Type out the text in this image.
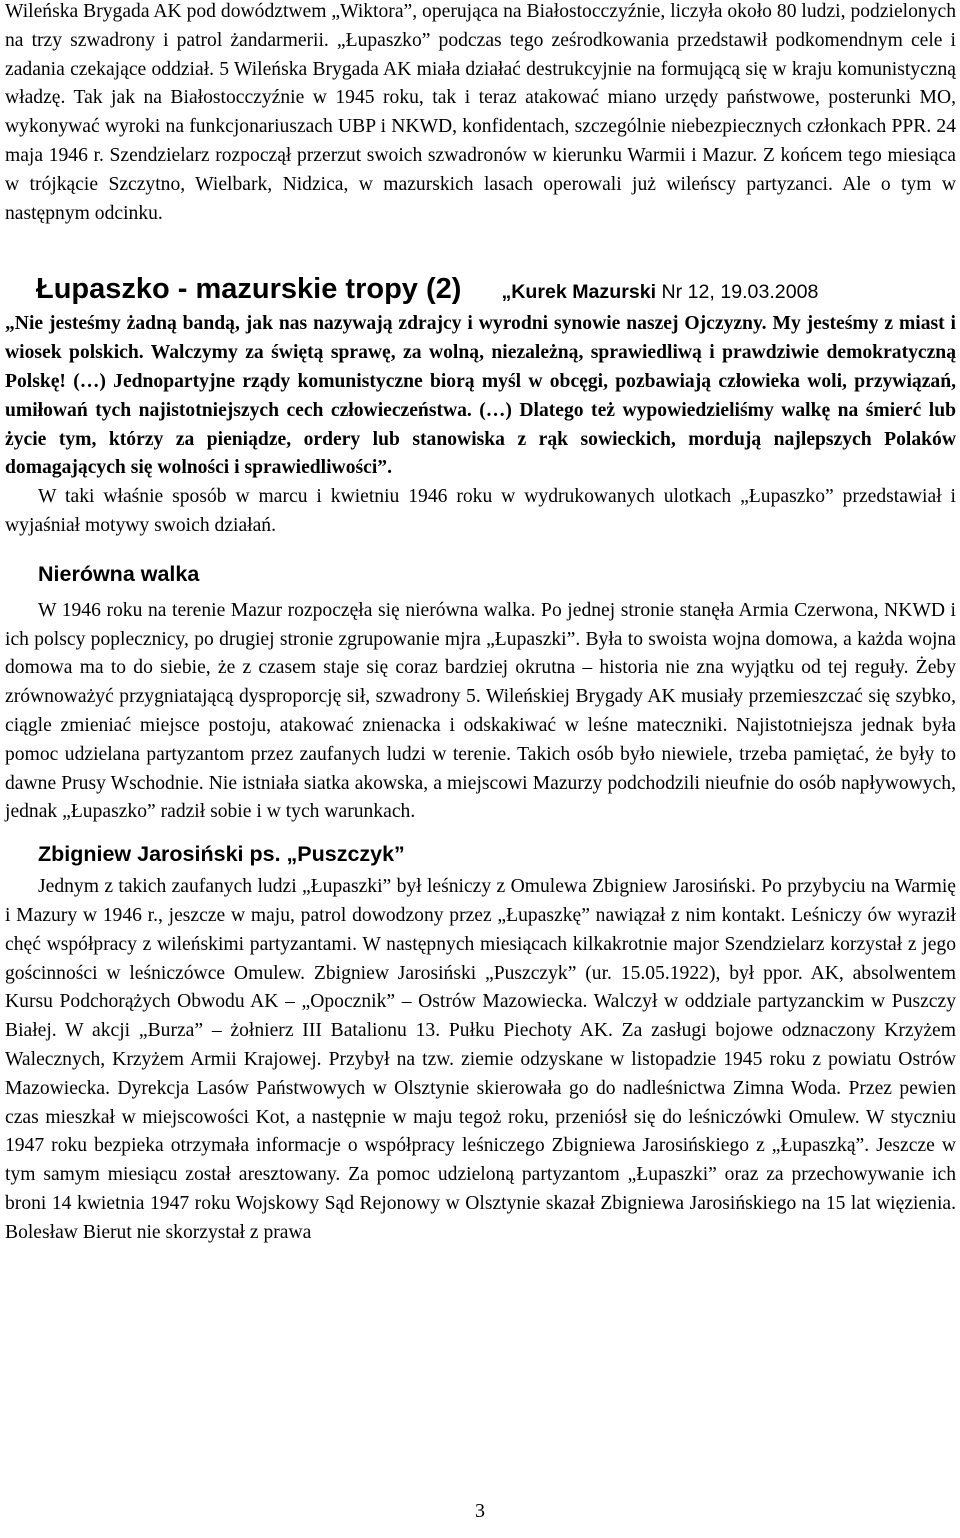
Wileńska Brygada AK pod dowództwem „Wiktora”, operująca na Białostocczyźnie, liczyła około 80 ludzi, podzielonych na trzy szwadrony i patrol żandarmerii. „Łupaszko” podczas tego ześrodkowania przedstawił podkomendnym cele i zadania czekające oddział. 5 Wileńska Brygada AK miała działać destrukcyjnie na formującą się w kraju komunistyczną władzę. Tak jak na Białostocczyźnie w 1945 roku, tak i teraz atakować miano urzędy państwowe, posterunki MO, wykonywać wyroki na funkcjonariuszach UBP i NKWD, konfidentach, szczególnie niebezpiecznych członkach PPR. 24 maja 1946 r. Szendzielarz rozpoczął przerzut swoich szwadronów w kierunku Warmii i Mazur. Z końcem tego miesiąca w trójkącie Szczytno, Wielbark, Nidzica, w mazurskich lasach operowali już wileńscy partyzanci. Ale o tym w następnym odcinku.

Łupaszko - mazurskie tropy (2) „Kurek Mazurski Nr 12, 19.03.2008

„Nie jesteśmy żadną bandą, jak nas nazywają zdrajcy i wyrodni synowie naszej Ojczyzny. My jesteśmy z miast i wiosek polskich. Walczymy za świętą sprawę, za wolną, niezależną, sprawiedliwą i prawdziwie demokratyczną Polskę! (…) Jednopartyjne rządy komunistyczne biorą myśl w obcęgi, pozbawiają człowieka woli, przywiązań, umiłowań tych najistotniejszych cech człowieczeństwa. (…) Dlatego też wypowiedzieliśmy walkę na śmierć lub życie tym, którzy za pieniądze, ordery lub stanowiska z rąk sowieckich, mordują najlepszych Polaków domagających się wolności i sprawiedliwości”.

W taki właśnie sposób w marcu i kwietniu 1946 roku w wydrukowanych ulotkach „Łupaszko” przedstawiał i wyjaśniał motywy swoich działań.

Nierówna walka

W 1946 roku na terenie Mazur rozpoczęła się nierówna walka. Po jednej stronie stanęła Armia Czerwona, NKWD i ich polscy poplecznicy, po drugiej stronie zgrupowanie mjra „Łupaszki”. Była to swoista wojna domowa, a każda wojna domowa ma to do siebie, że z czasem staje się coraz bardziej okrutna – historia nie zna wyjątku od tej reguły. Żeby zrównoważyć przygniatającą dysproporcję sił, szwadrony 5. Wileńskiej Brygady AK musiały przemieszczać się szybko, ciągle zmieniać miejsce postoju, atakować znienacka i odskakiwać w leśne mateczniki. Najistotniejsza jednak była pomoc udzielana partyzantom przez zaufanych ludzi w terenie. Takich osób było niewiele, trzeba pamiętać, że były to dawne Prusy Wschodnie. Nie istniała siatka akowska, a miejscowi Mazurzy podchodzili nieufnie do osób napływowych, jednak „Łupaszko” radził sobie i w tych warunkach.

Zbigniew Jarosiński ps. „Puszczyk”

Jednym z takich zaufanych ludzi „Łupaszki” był leśniczy z Omulewa Zbigniew Jarosiński. Po przybyciu na Warmię i Mazury w 1946 r., jeszcze w maju, patrol dowodzony przez „Łupaszkę” nawiązał z nim kontakt. Leśniczy ów wyraził chęć współpracy z wileńskimi partyzantami. W następnych miesiącach kilkakrotnie major Szendzielarz korzystał z jego gościnności w leśniczówce Omulew. Zbigniew Jarosiński „Puszczyk” (ur. 15.05.1922), był ppor. AK, absolwentem Kursu Podchorążych Obwodu AK – „Opocznik” – Ostrów Mazowiecka. Walczył w oddziale partyzanckim w Puszczy Białej. W akcji „Burza” – żołnierz III Batalionu 13. Pułku Piechoty AK. Za zasługi bojowe odznaczony Krzyżem Walecznych, Krzyżem Armii Krajowej. Przybył na tzw. ziemie odzyskane w listopadzie 1945 roku z powiatu Ostrów Mazowiecka. Dyrekcja Lasów Państwowych w Olsztynie skierowała go do nadleśnictwa Zimna Woda. Przez pewien czas mieszkał w miejscowości Kot, a następnie w maju tegoż roku, przeniósł się do leśniczówki Omulew. W styczniu 1947 roku bezpieka otrzymała informacje o współpracy leśniczego Zbigniewa Jarosińskiego z „Łupaszką”. Jeszcze w tym samym miesiącu został aresztowany. Za pomoc udzieloną partyzantom „Łupaszki” oraz za przechowywanie ich broni 14 kwietnia 1947 roku Wojskowy Sąd Rejonowy w Olsztynie skazał Zbigniewa Jarosińskiego na 15 lat więzienia. Bolesław Bierut nie skorzystał z prawa

3
